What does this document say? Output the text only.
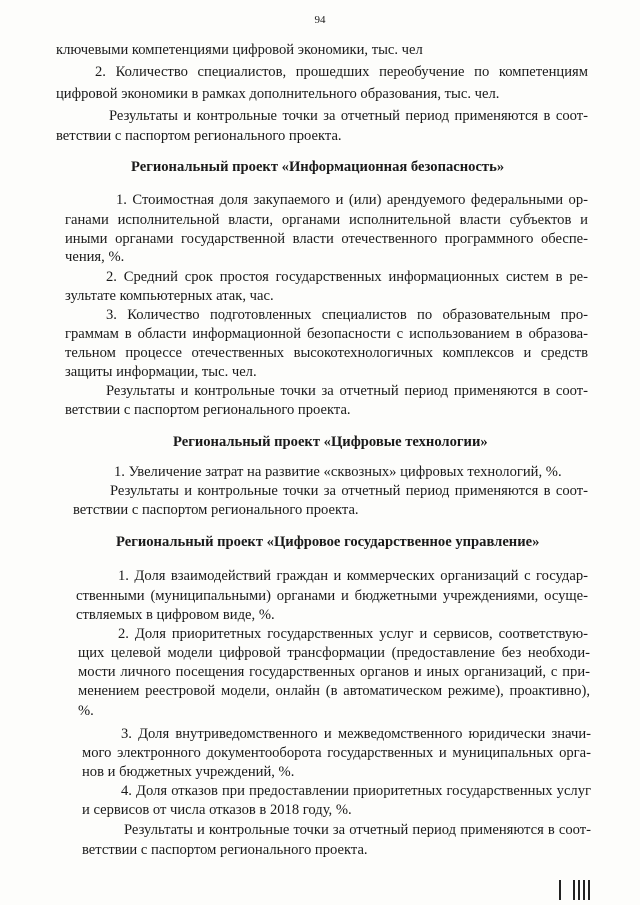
94
ключевыми компетенциями цифровой экономики, тыс. чел
2. Количество специалистов, прошедших переобучение по компетенциям
цифровой экономики в рамках дополнительного образования, тыс. чел.
Результаты и контрольные точки за отчетный период применяются в соот-
ветствии с паспортом регионального проекта.
Региональный проект «Информационная безопасность»
1. Стоимостная доля закупаемого и (или) арендуемого федеральными ор-
ганами исполнительной власти, органами исполнительной власти субъектов и
иными органами государственной власти отечественного программного обеспе-
чения, %.
2. Средний срок простоя государственных информационных систем в ре-
зультате компьютерных атак, час.
3. Количество подготовленных специалистов по образовательным про-
граммам в области информационной безопасности с использованием в образова-
тельном процессе отечественных высокотехнологичных комплексов и средств
защиты информации, тыс. чел.
Результаты и контрольные точки за отчетный период применяются в соот-
ветствии с паспортом регионального проекта.
Региональный проект «Цифровые технологии»
1. Увеличение затрат на развитие «сквозных» цифровых технологий, %.
Результаты и контрольные точки за отчетный период применяются в соот-
ветствии с паспортом регионального проекта.
Региональный проект «Цифровое государственное управление»
1. Доля взаимодействий граждан и коммерческих организаций с государ-
ственными (муниципальными) органами и бюджетными учреждениями, осуще-
ствляемых в цифровом виде, %.
2. Доля приоритетных государственных услуг и сервисов, соответствую-
щих целевой модели цифровой трансформации (предоставление без необходи-
мости личного посещения государственных органов и иных организаций, с при-
менением реестровой модели, онлайн (в автоматическом режиме), проактивно),
%.
3. Доля внутриведомственного и межведомственного юридически значи-
мого электронного документооборота государственных и муниципальных орга-
нов и бюджетных учреждений, %.
4. Доля отказов при предоставлении приоритетных государственных услуг
и сервисов от числа отказов в 2018 году, %.
Результаты и контрольные точки за отчетный период применяются в соот-
ветствии с паспортом регионального проекта.
